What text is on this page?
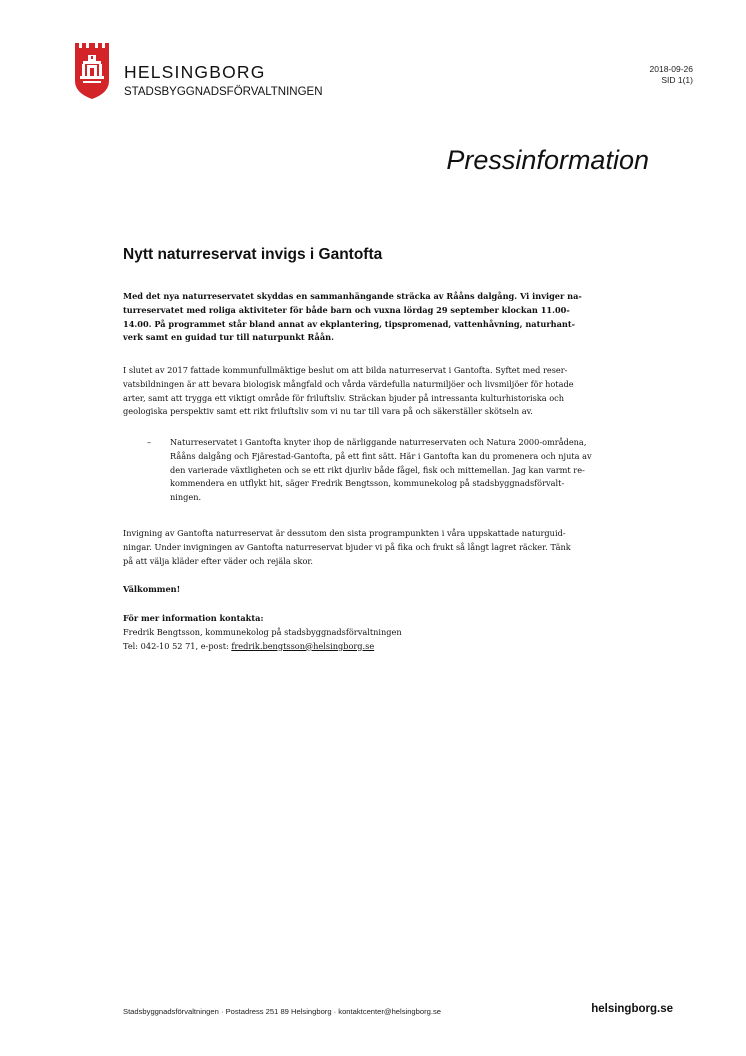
HELSINGBORG
STADSBYGGNADSFÖRVALTNINGEN
2018-09-26
SID 1(1)
Pressinformation
Nytt naturreservat invigs i Gantofta

Med det nya naturreservatet skyddas en sammanhängande sträcka av Rååns dalgång. Vi inviger na-

turreservatet med roliga aktiviteter för både barn och vuxna lördag 29 september klockan 11.00-

14.00. På programmet står bland annat av ekplantering, tipspromenad, vattenhåvning, naturhant-

verk samt en guidad tur till naturpunkt Råån.

I slutet av 2017 fattade kommunfullmäktige beslut om att bilda naturreservat i Gantofta. Syftet med reser-

vatsbildningen är att bevara biologisk mångfald och vårda värdefulla naturmiljöer och livsmiljöer för hotade

arter, samt att trygga ett viktigt område för friluftsliv. Sträckan bjuder på intressanta kulturhistoriska och

geologiska perspektiv samt ett rikt friluftsliv som vi nu tar till vara på och säkerställer skötseln av.

– Naturreservatet i Gantofta knyter ihop de närliggande naturreservaten och Natura 2000-områdena,

Rååns dalgång och Fjärestad-Gantofta, på ett fint sätt. Här i Gantofta kan du promenera och njuta av

den varierade växtligheten och se ett rikt djurliv både fågel, fisk och mittemellan. Jag kan varmt re-

kommendera en utflykt hit, säger Fredrik Bengtsson, kommunekolog på stadsbyggnadsförvalt-

ningen.

Invigning av Gantofta naturreservat är dessutom den sista programpunkten i våra uppskattade naturguid-

ningar. Under invigningen av Gantofta naturreservat bjuder vi på fika och frukt så långt lagret räcker. Tänk

på att välja kläder efter väder och rejäla skor.

Välkommen!

För mer information kontakta:

Fredrik Bengtsson, kommunekolog på stadsbyggnadsförvaltningen

Tel: 042-10 52 71, e-post: fredrik.bengtsson@helsingborg.se

Stadsbyggnadsförvaltningen · Postadress 251 89 Helsingborg · kontaktcenter@helsingborg.se	helsingborg.se
